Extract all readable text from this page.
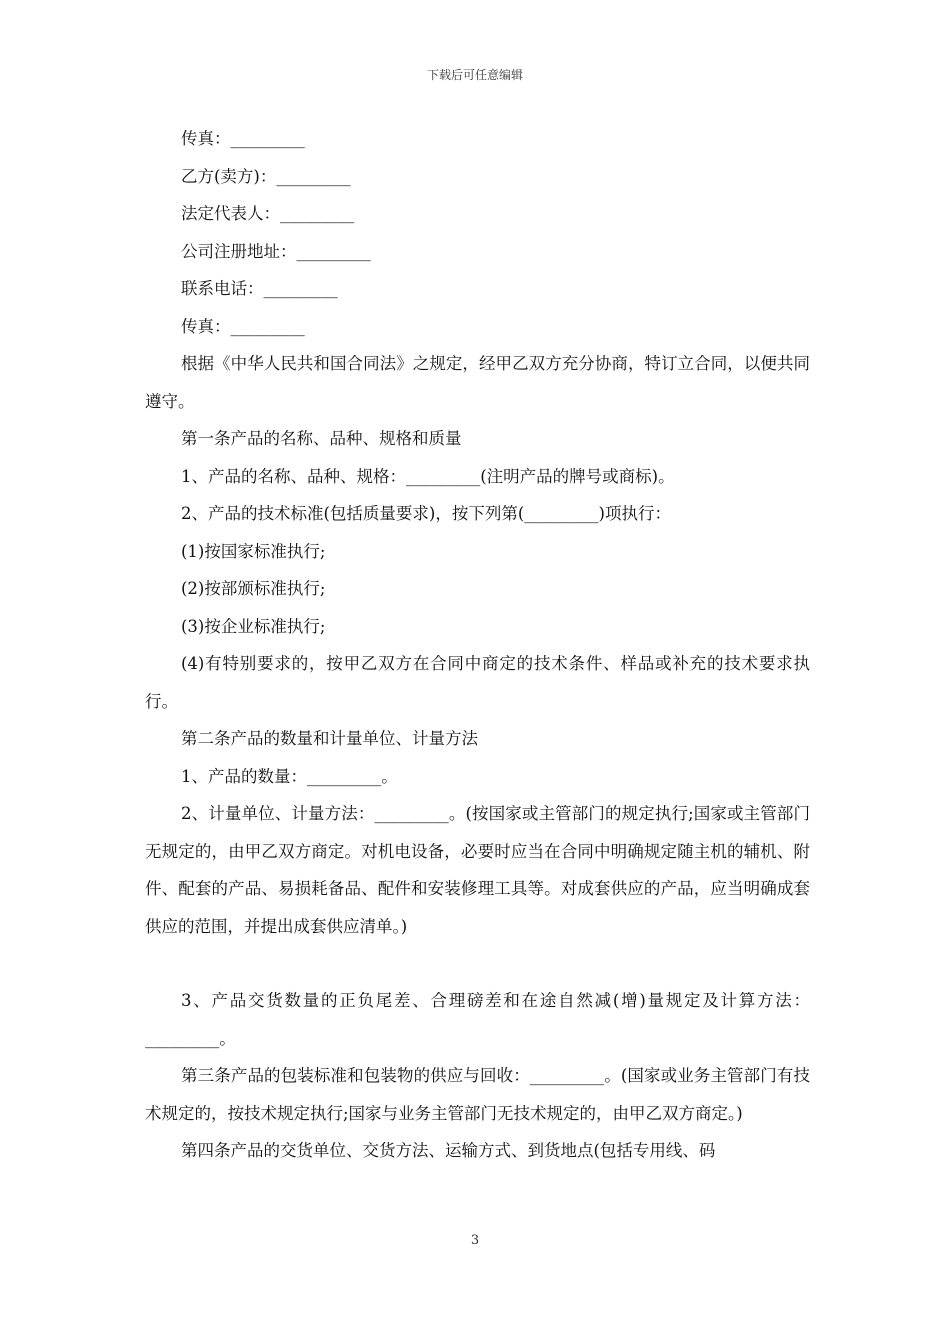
下载后可任意编辑

传真：_________

乙方(卖方)：_________

法定代表人：_________

公司注册地址：_________

联系电话：_________

传真：_________

根据《中华人民共和国合同法》之规定，经甲乙双方充分协商，特订立合同，以便共同遵守。

第一条产品的名称、品种、规格和质量

1、产品的名称、品种、规格：_________(注明产品的牌号或商标)。

2、产品的技术标准(包括质量要求)，按下列第(_________)项执行：

(1)按国家标准执行;

(2)按部颁标准执行;

(3)按企业标准执行;

(4)有特别要求的，按甲乙双方在合同中商定的技术条件、样品或补充的技术要求执行。

第二条产品的数量和计量单位、计量方法

1、产品的数量：_________。

2、计量单位、计量方法：_________。(按国家或主管部门的规定执行;国家或主管部门无规定的，由甲乙双方商定。对机电设备，必要时应当在合同中明确规定随主机的辅机、附件、配套的产品、易损耗备品、配件和安装修理工具等。对成套供应的产品，应当明确成套供应的范围，并提出成套供应清单。)

3、产品交货数量的正负尾差、合理磅差和在途自然减(增)量规定及计算方法：_________。

第三条产品的包装标准和包装物的供应与回收：_________。(国家或业务主管部门有技术规定的，按技术规定执行;国家与业务主管部门无技术规定的，由甲乙双方商定。)

第四条产品的交货单位、交货方法、运输方式、到货地点(包括专用线、码

3
